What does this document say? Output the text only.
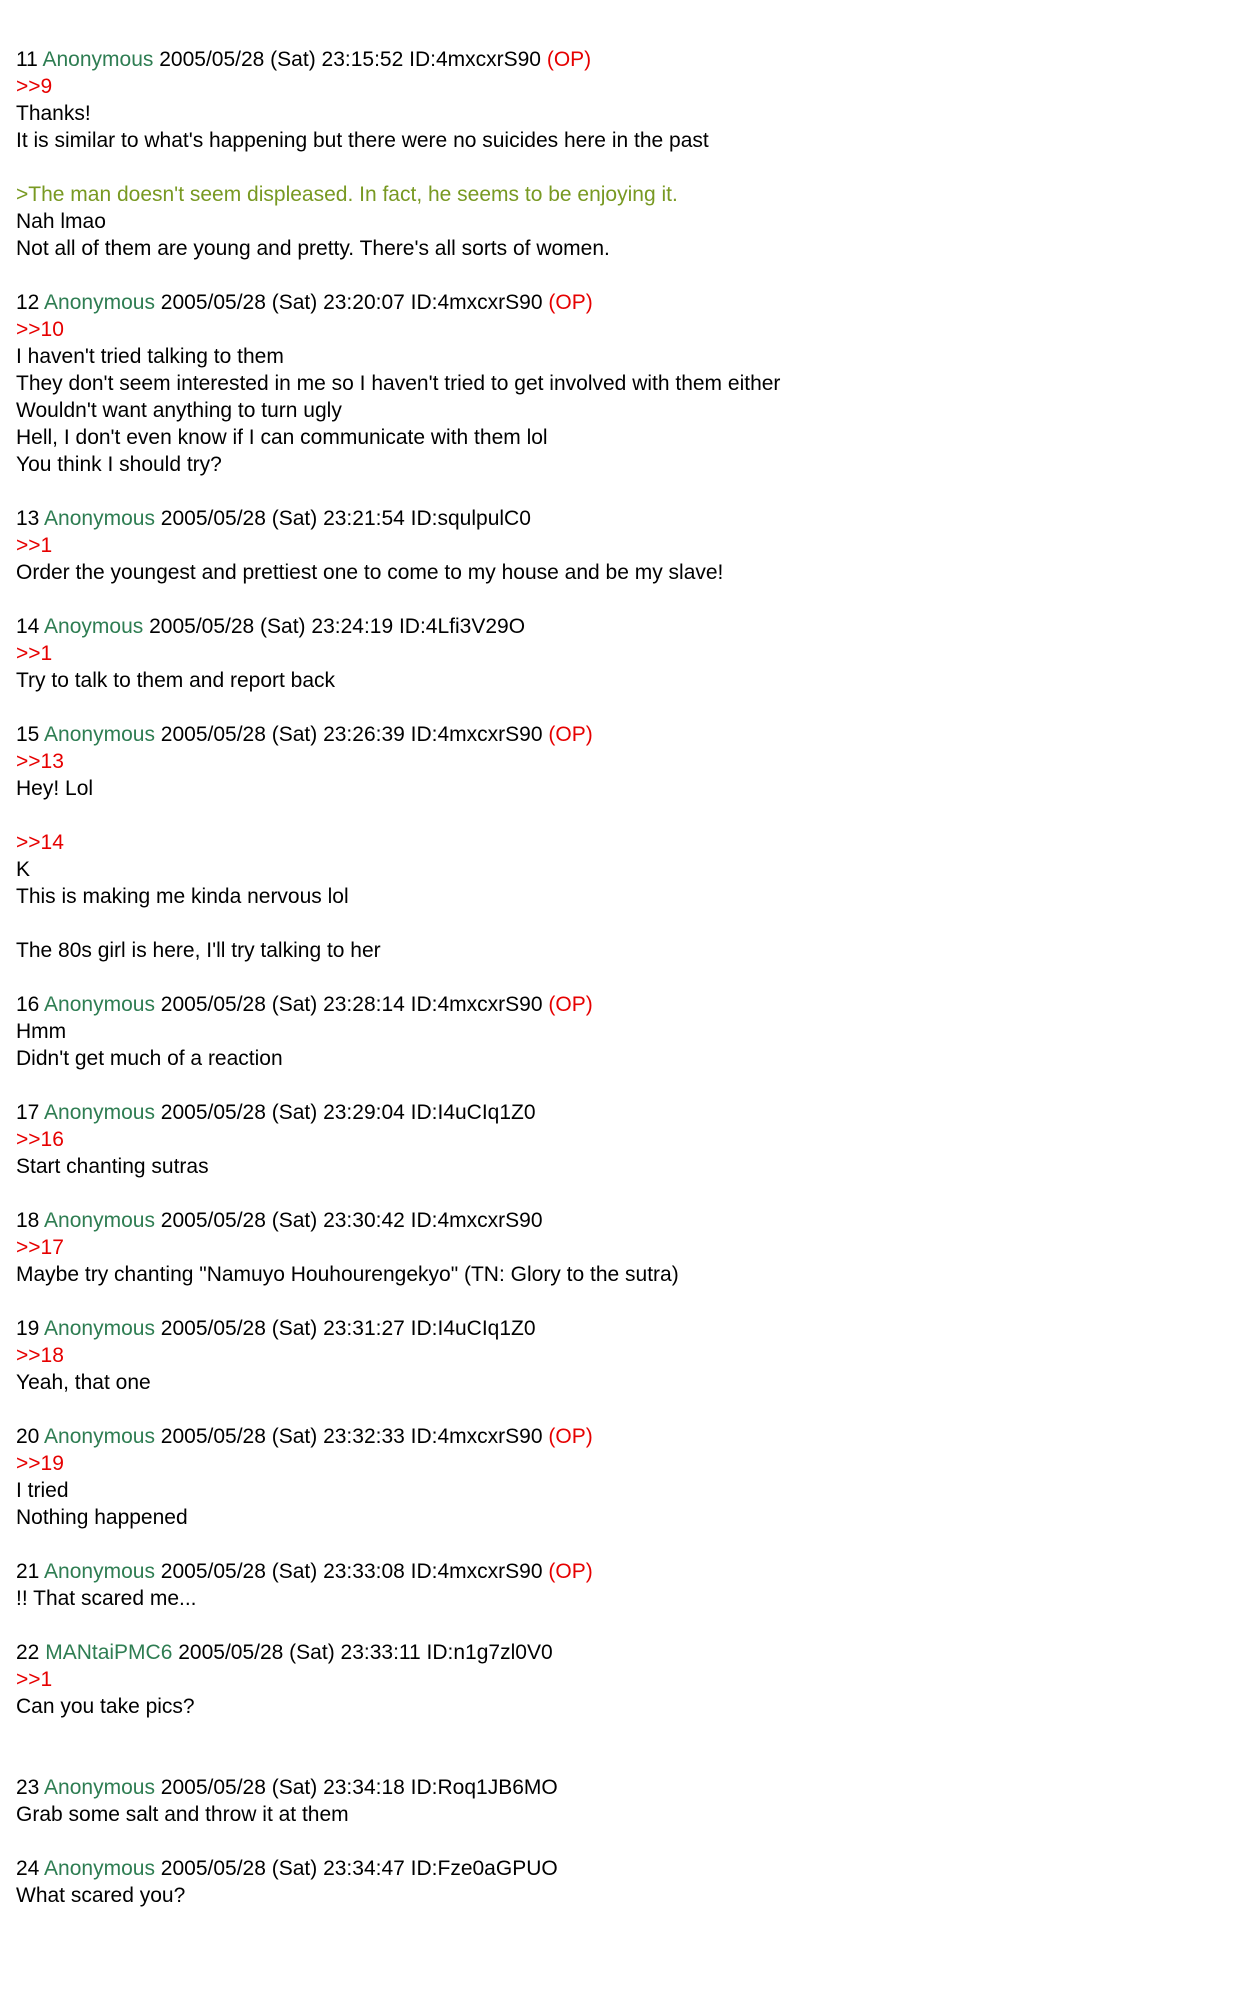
11 Anonymous 2005/05/28 (Sat) 23:15:52 ID:4mxcxrS90 (OP)
>>9
Thanks!
It is similar to what's happening but there were no suicides here in the past
>The man doesn't seem displeased. In fact, he seems to be enjoying it.
Nah lmao
Not all of them are young and pretty. There's all sorts of women.
12 Anonymous 2005/05/28 (Sat) 23:20:07 ID:4mxcxrS90 (OP)
>>10
I haven't tried talking to them
They don't seem interested in me so I haven't tried to get involved with them either
Wouldn't want anything to turn ugly
Hell, I don't even know if I can communicate with them lol
You think I should try?
13 Anonymous 2005/05/28 (Sat) 23:21:54 ID:squlpulC0
>>1
Order the youngest and prettiest one to come to my house and be my slave!
14 Anoymous 2005/05/28 (Sat) 23:24:19 ID:4Lfi3V29O
>>1
Try to talk to them and report back
15 Anonymous 2005/05/28 (Sat) 23:26:39 ID:4mxcxrS90 (OP)
>>13
Hey! Lol
>>14
K
This is making me kinda nervous lol
The 80s girl is here, I'll try talking to her
16 Anonymous 2005/05/28 (Sat) 23:28:14 ID:4mxcxrS90 (OP)
Hmm
Didn't get much of a reaction
17 Anonymous 2005/05/28 (Sat) 23:29:04 ID:I4uCIq1Z0
>>16
Start chanting sutras
18 Anonymous 2005/05/28 (Sat) 23:30:42 ID:4mxcxrS90
>>17
Maybe try chanting "Namuyo Houhourengekyo" (TN: Glory to the sutra)
19 Anonymous 2005/05/28 (Sat) 23:31:27 ID:I4uCIq1Z0
>>18
Yeah, that one
20 Anonymous 2005/05/28 (Sat) 23:32:33 ID:4mxcxrS90 (OP)
>>19
I tried
Nothing happened
21 Anonymous 2005/05/28 (Sat) 23:33:08 ID:4mxcxrS90 (OP)
!! That scared me...
22 MANtaiPMC6 2005/05/28 (Sat) 23:33:11 ID:n1g7zl0V0
>>1
Can you take pics?
23 Anonymous 2005/05/28 (Sat) 23:34:18 ID:Roq1JB6MO
Grab some salt and throw it at them
24 Anonymous 2005/05/28 (Sat) 23:34:47 ID:Fze0aGPUO
What scared you?
